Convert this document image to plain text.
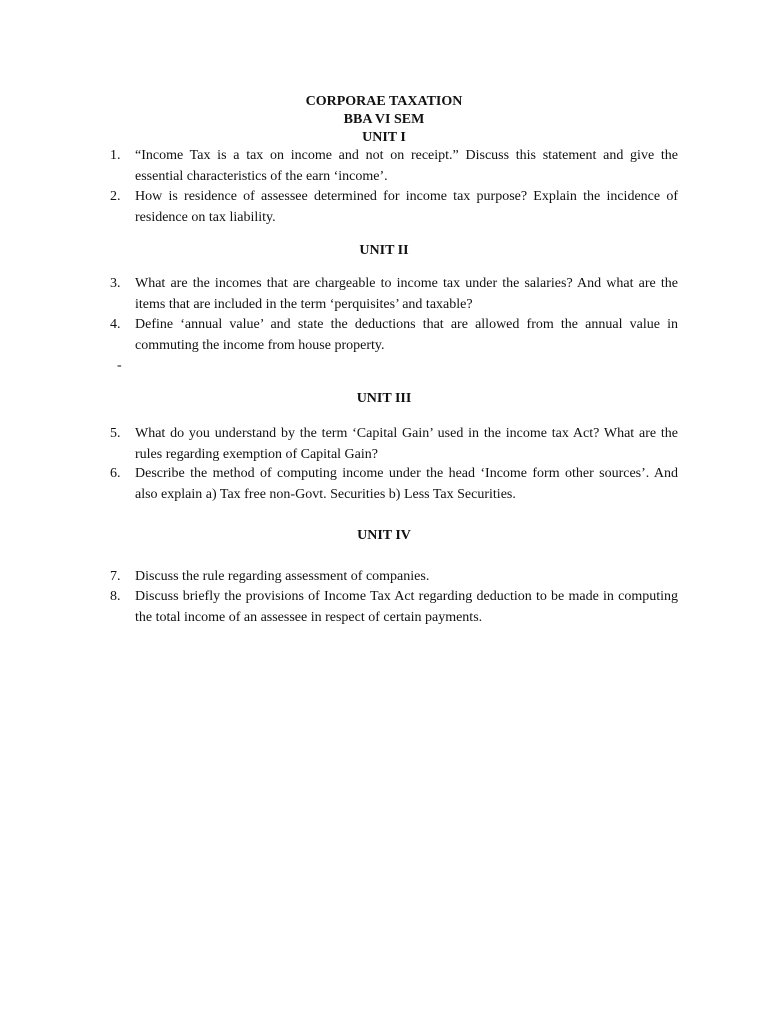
CORPORAE TAXATION
BBA VI SEM
UNIT I
1.	“Income Tax is a tax on income and not on receipt.” Discuss this statement and give the essential characteristics of the earn ‘income’.
2.	How is residence of assessee determined for income tax purpose? Explain the incidence of residence on tax liability.
UNIT II
3.	What are the incomes that are chargeable to income tax under the salaries? And what are the items that are included in the term ‘perquisites’ and taxable?
4.	Define ‘annual value’ and state the deductions that are allowed from the annual value in commuting the income from house property.
-
UNIT III
5.	What do you understand by the term ‘Capital Gain’ used in the income tax Act? What are the rules regarding exemption of Capital Gain?
6.	Describe the method of computing income under the head ‘Income form other sources’. And also explain a) Tax free non-Govt. Securities b) Less Tax Securities.
UNIT IV
7.	Discuss the rule regarding assessment of companies.
8.	Discuss briefly the provisions of Income Tax Act regarding deduction to be made in computing the total income of an assessee in respect of certain payments.
